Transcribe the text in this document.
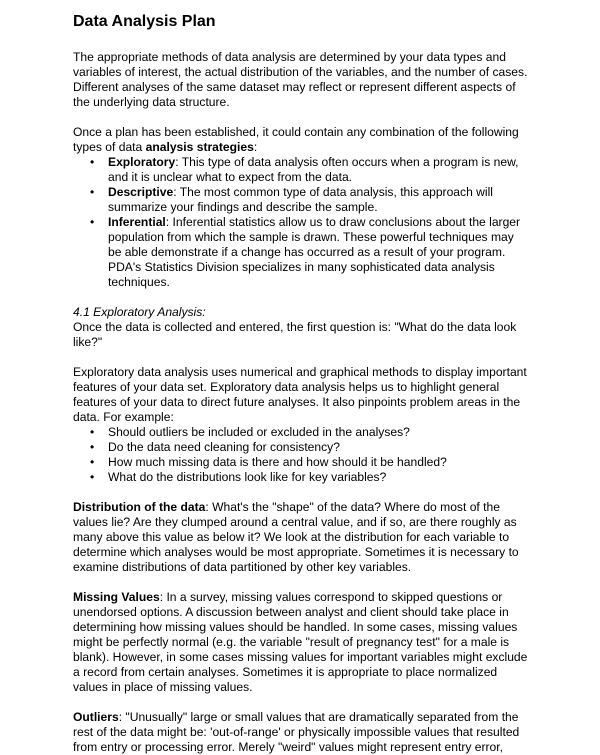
Data Analysis Plan

The appropriate methods of data analysis are determined by your data types and variables of interest, the actual distribution of the variables, and the number of cases. Different analyses of the same dataset may reflect or represent different aspects of the underlying data structure.

Once a plan has been established, it could contain any combination of the following types of data analysis strategies:

• Exploratory: This type of data analysis often occurs when a program is new, and it is unclear what to expect from the data.
• Descriptive: The most common type of data analysis, this approach will summarize your findings and describe the sample.
• Inferential: Inferential statistics allow us to draw conclusions about the larger population from which the sample is drawn. These powerful techniques may be able demonstrate if a change has occurred as a result of your program. PDA's Statistics Division specializes in many sophisticated data analysis techniques.

4.1 Exploratory Analysis:

Once the data is collected and entered, the first question is: "What do the data look like?"

Exploratory data analysis uses numerical and graphical methods to display important features of your data set. Exploratory data analysis helps us to highlight general features of your data to direct future analyses. It also pinpoints problem areas in the data. For example:

• Should outliers be included or excluded in the analyses?
• Do the data need cleaning for consistency?
• How much missing data is there and how should it be handled?
• What do the distributions look like for key variables?

Distribution of the data: What's the "shape" of the data? Where do most of the values lie? Are they clumped around a central value, and if so, are there roughly as many above this value as below it? We look at the distribution for each variable to determine which analyses would be most appropriate. Sometimes it is necessary to examine distributions of data partitioned by other key variables.

Missing Values: In a survey, missing values correspond to skipped questions or unendorsed options. A discussion between analyst and client should take place in determining how missing values should be handled. In some cases, missing values might be perfectly normal (e.g. the variable "result of pregnancy test" for a male is blank). However, in some cases missing values for important variables might exclude a record from certain analyses. Sometimes it is appropriate to place normalized values in place of missing values.

Outliers: "Unusually" large or small values that are dramatically separated from the rest of the data might be: 'out-of-range' or physically impossible values that resulted from entry or processing error. Merely "weird" values might represent entry error,
